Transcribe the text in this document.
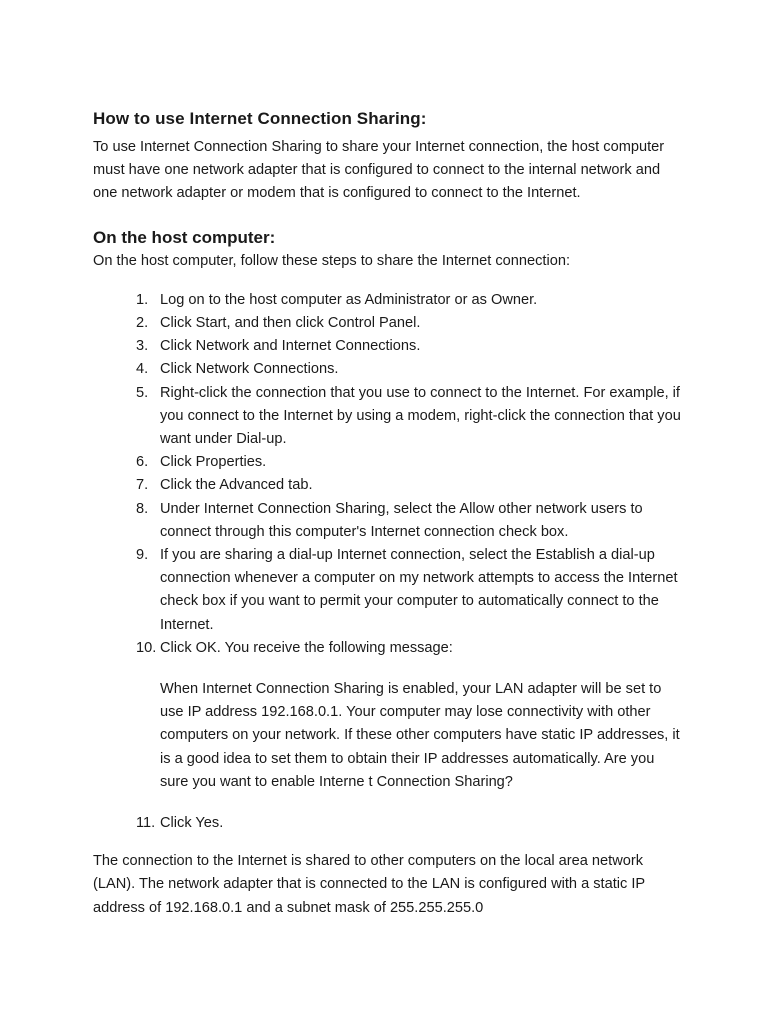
How to use Internet Connection Sharing:

To use Internet Connection Sharing to share your Internet connection, the host computer must have one network adapter that is configured to connect to the internal network and one network adapter or modem that is configured to connect to the Internet.

On the host computer:

On the host computer, follow these steps to share the Internet connection:

1. Log on to the host computer as Administrator or as Owner.
2. Click Start, and then click Control Panel.
3. Click Network and Internet Connections.
4. Click Network Connections.
5. Right-click the connection that you use to connect to the Internet. For example, if you connect to the Internet by using a modem, right-click the connection that you want under Dial-up.
6. Click Properties.
7. Click the Advanced tab.
8. Under Internet Connection Sharing, select the Allow other network users to connect through this computer's Internet connection check box.
9. If you are sharing a dial-up Internet connection, select the Establish a dial-up connection whenever a computer on my network attempts to access the Internet check box if you want to permit your computer to automatically connect to the Internet.
10. Click OK. You receive the following message:
When Internet Connection Sharing is enabled, your LAN adapter will be set to use IP address 192.168.0.1. Your computer may lose connectivity with other computers on your network. If these other computers have static IP addresses, it is a good idea to set them to obtain their IP addresses automatically. Are you sure you want to enable Interne t Connection Sharing?
11. Click Yes.

The connection to the Internet is shared to other computers on the local area network (LAN). The network adapter that is connected to the LAN is configured with a static IP address of 192.168.0.1 and a subnet mask of 255.255.255.0
